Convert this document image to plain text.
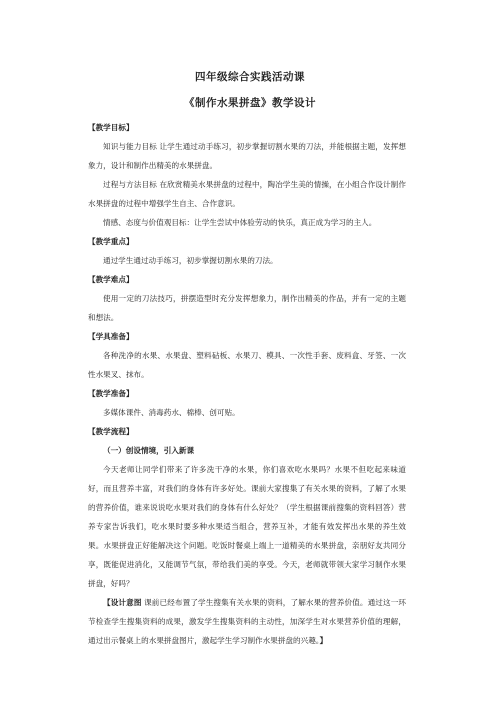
四年级综合实践活动课
《制作水果拼盘》教学设计

【教学目标】

知识与能力目标 让学生通过动手练习，初步掌握切割水果的刀法，并能根据主题，发挥想象力，设计和制作出精美的水果拼盘。

过程与方法目标 在欣赏精美水果拼盘的过程中，陶冶学生美的情操，在小组合作设计制作水果拼盘的过程中增强学生自主、合作意识。

情感、态度与价值观目标：让学生尝试中体验劳动的快乐，真正成为学习的主人。

【教学重点】

通过学生通过动手练习，初步掌握切割水果的刀法。

【教学难点】

使用一定的刀法技巧，拼摆造型时充分发挥想象力，制作出精美的作品，并有一定的主题和想法。

【学具准备】

各种洗净的水果、水果盘、塑料砧板、水果刀、模具、一次性手套、废料盒、牙签、一次性水果叉、抹布。

【教学准备】

多媒体课件、消毒药水、棉棒、创可贴。

【教学流程】

（一）创设情境，引入新课

今天老师让同学们带来了许多洗干净的水果，你们喜欢吃水果吗？水果不但吃起来味道好，而且营养丰富，对我们的身体有许多好处。课前大家搜集了有关水果的资料，了解了水果的营养价值，谁来说说吃水果对我们的身体有什么好处？（学生根据课前搜集的资料回答）营养专家告诉我们，吃水果时要多种水果适当组合，营养互补，才能有效发挥出水果的养生效果。水果拼盘正好能解决这个问题。吃饭时餐桌上端上一道精美的水果拼盘，亲朋好友共同分享，既能促进消化，又能调节气氛，带给我们美的享受。今天，老师就带领大家学习制作水果拼盘，好吗？

【设计意图 课前已经布置了学生搜集有关水果的资料，了解水果的营养价值。通过这一环节检查学生搜集资料的成果，激发学生搜集资料的主动性，加深学生对水果营养价值的理解，通过出示餐桌上的水果拼盘图片，激起学生学习制作水果拼盘的兴趣。】
